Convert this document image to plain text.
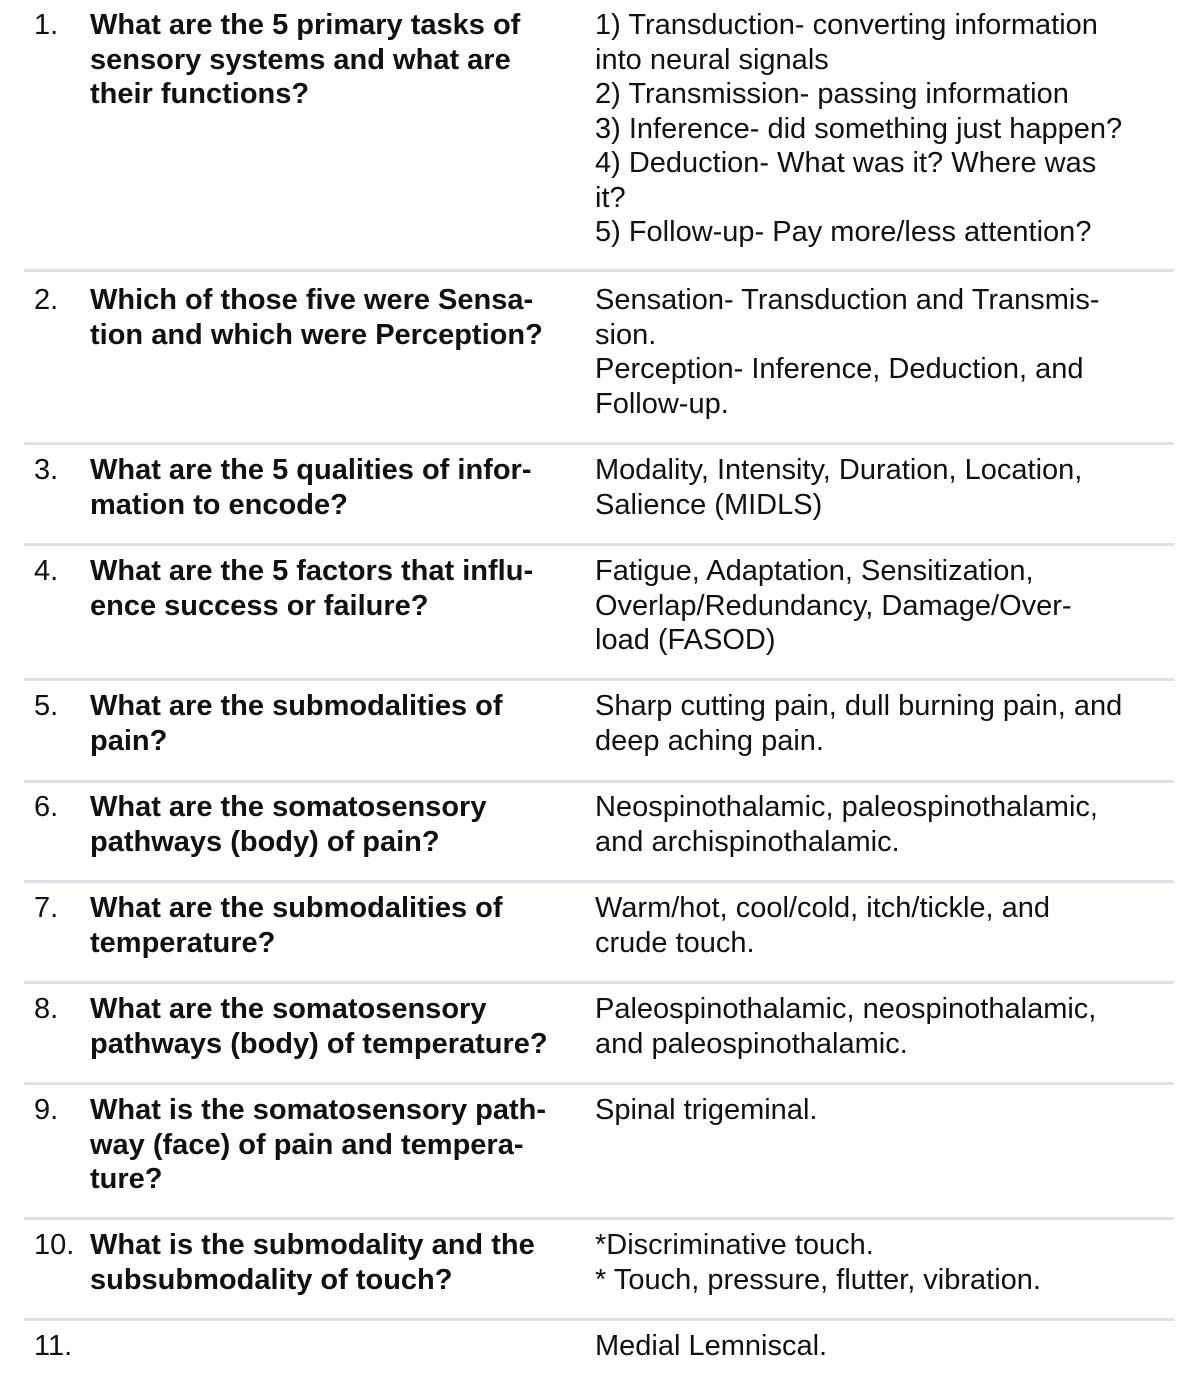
1. What are the 5 primary tasks of
sensory systems and what are
their functions?
1) Transduction- converting information
into neural signals
2) Transmission- passing information
3) Inference- did something just happen?
4) Deduction- What was it? Where was
it?
5) Follow-up- Pay more/less attention?
2. Which of those five were Sensa-
tion and which were Perception?
Sensation- Transduction and Transmis-
sion.
Perception- Inference, Deduction, and
Follow-up.
3. What are the 5 qualities of infor-
mation to encode?
Modality, Intensity, Duration, Location,
Salience (MIDLS)
4. What are the 5 factors that influ-
ence success or failure?
Fatigue, Adaptation, Sensitization,
Overlap/Redundancy, Damage/Over-
load (FASOD)
5. What are the submodalities of
pain?
Sharp cutting pain, dull burning pain, and
deep aching pain.
6. What are the somatosensory
pathways (body) of pain?
Neospinothalamic, paleospinothalamic,
and archispinothalamic.
7. What are the submodalities of
temperature?
Warm/hot, cool/cold, itch/tickle, and
crude touch.
8. What are the somatosensory
pathways (body) of temperature?
Paleospinothalamic, neospinothalamic,
and paleospinothalamic.
9. What is the somatosensory path-
way (face) of pain and tempera-
ture?
Spinal trigeminal.
10. What is the submodality and the
subsubmodality of touch?
*Discriminative touch.
* Touch, pressure, flutter, vibration.
11.	Medial Lemniscal.
